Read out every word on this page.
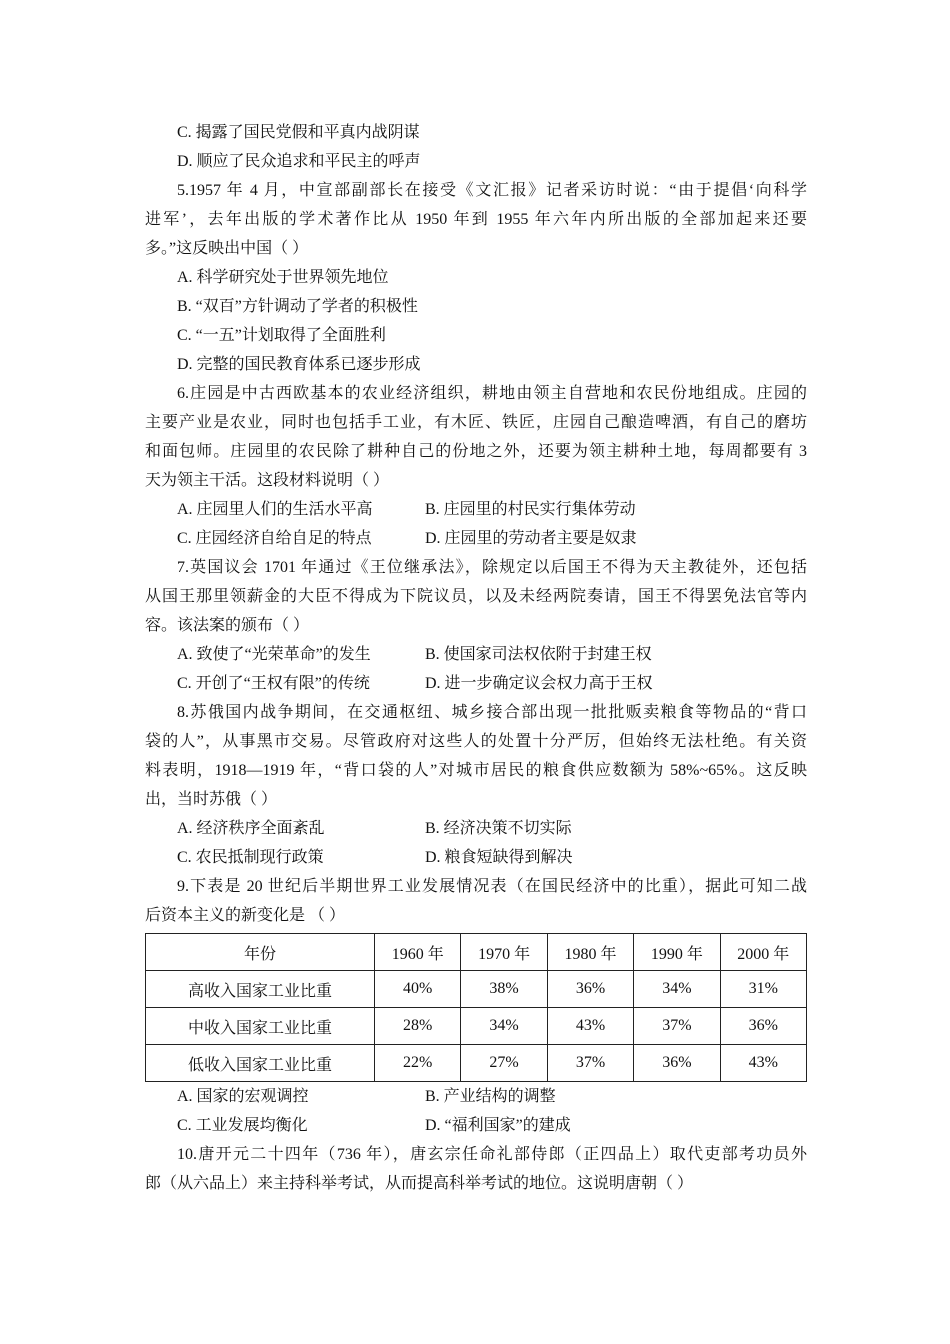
C. 揭露了国民党假和平真内战阴谋
D. 顺应了民众追求和平民主的呼声
5.1957 年 4 月，中宣部副部长在接受《文汇报》记者采访时说：“由于提倡‘向科学
进军’，去年出版的学术著作比从 1950 年到 1955 年六年内所出版的全部加起来还要
多。”这反映出中国（ ）
A. 科学研究处于世界领先地位
B. “双百”方针调动了学者的积极性
C. “一五”计划取得了全面胜利
D. 完整的国民教育体系已逐步形成
6.庄园是中古西欧基本的农业经济组织，耕地由领主自营地和农民份地组成。庄园的
主要产业是农业，同时也包括手工业，有木匠、铁匠，庄园自己酿造啤酒，有自己的磨坊
和面包师。庄园里的农民除了耕种自己的份地之外，还要为领主耕种土地，每周都要有 3
天为领主干活。这段材料说明（ ）
A. 庄园里人们的生活水平高	B. 庄园里的村民实行集体劳动
C. 庄园经济自给自足的特点	D. 庄园里的劳动者主要是奴隶
7.英国议会 1701 年通过《王位继承法》，除规定以后国王不得为天主教徒外，还包括
从国王那里领薪金的大臣不得成为下院议员，以及未经两院奏请，国王不得罢免法官等内
容。该法案的颁布（ ）
A. 致使了“光荣革命”的发生	B. 使国家司法权依附于封建王权
C. 开创了“王权有限”的传统	D. 进一步确定议会权力高于王权
8.苏俄国内战争期间，在交通枢纽、城乡接合部出现一批批贩卖粮食等物品的“背口
袋的人”，从事黑市交易。尽管政府对这些人的处置十分严厉，但始终无法杜绝。有关资
料表明，1918—1919 年，“背口袋的人”对城市居民的粮食供应数额为 58%~65%。这反映
出，当时苏俄（ ）
A. 经济秩序全面紊乱	B. 经济决策不切实际
C. 农民抵制现行政策	D. 粮食短缺得到解决
9.下表是 20 世纪后半期世界工业发展情况表（在国民经济中的比重），据此可知二战
后资本主义的新变化是 （ ）
年份	1960 年	1970 年	1980 年	1990 年	2000 年
高收入国家工业比重	40%	38%	36%	34%	31%
中收入国家工业比重	28%	34%	43%	37%	36%
低收入国家工业比重	22%	27%	37%	36%	43%
A. 国家的宏观调控	B. 产业结构的调整
C. 工业发展均衡化	D. “福利国家”的建成
10.唐开元二十四年（736 年），唐玄宗任命礼部侍郎（正四品上）取代吏部考功员外
郎（从六品上）来主持科举考试，从而提高科举考试的地位。这说明唐朝（ ）
